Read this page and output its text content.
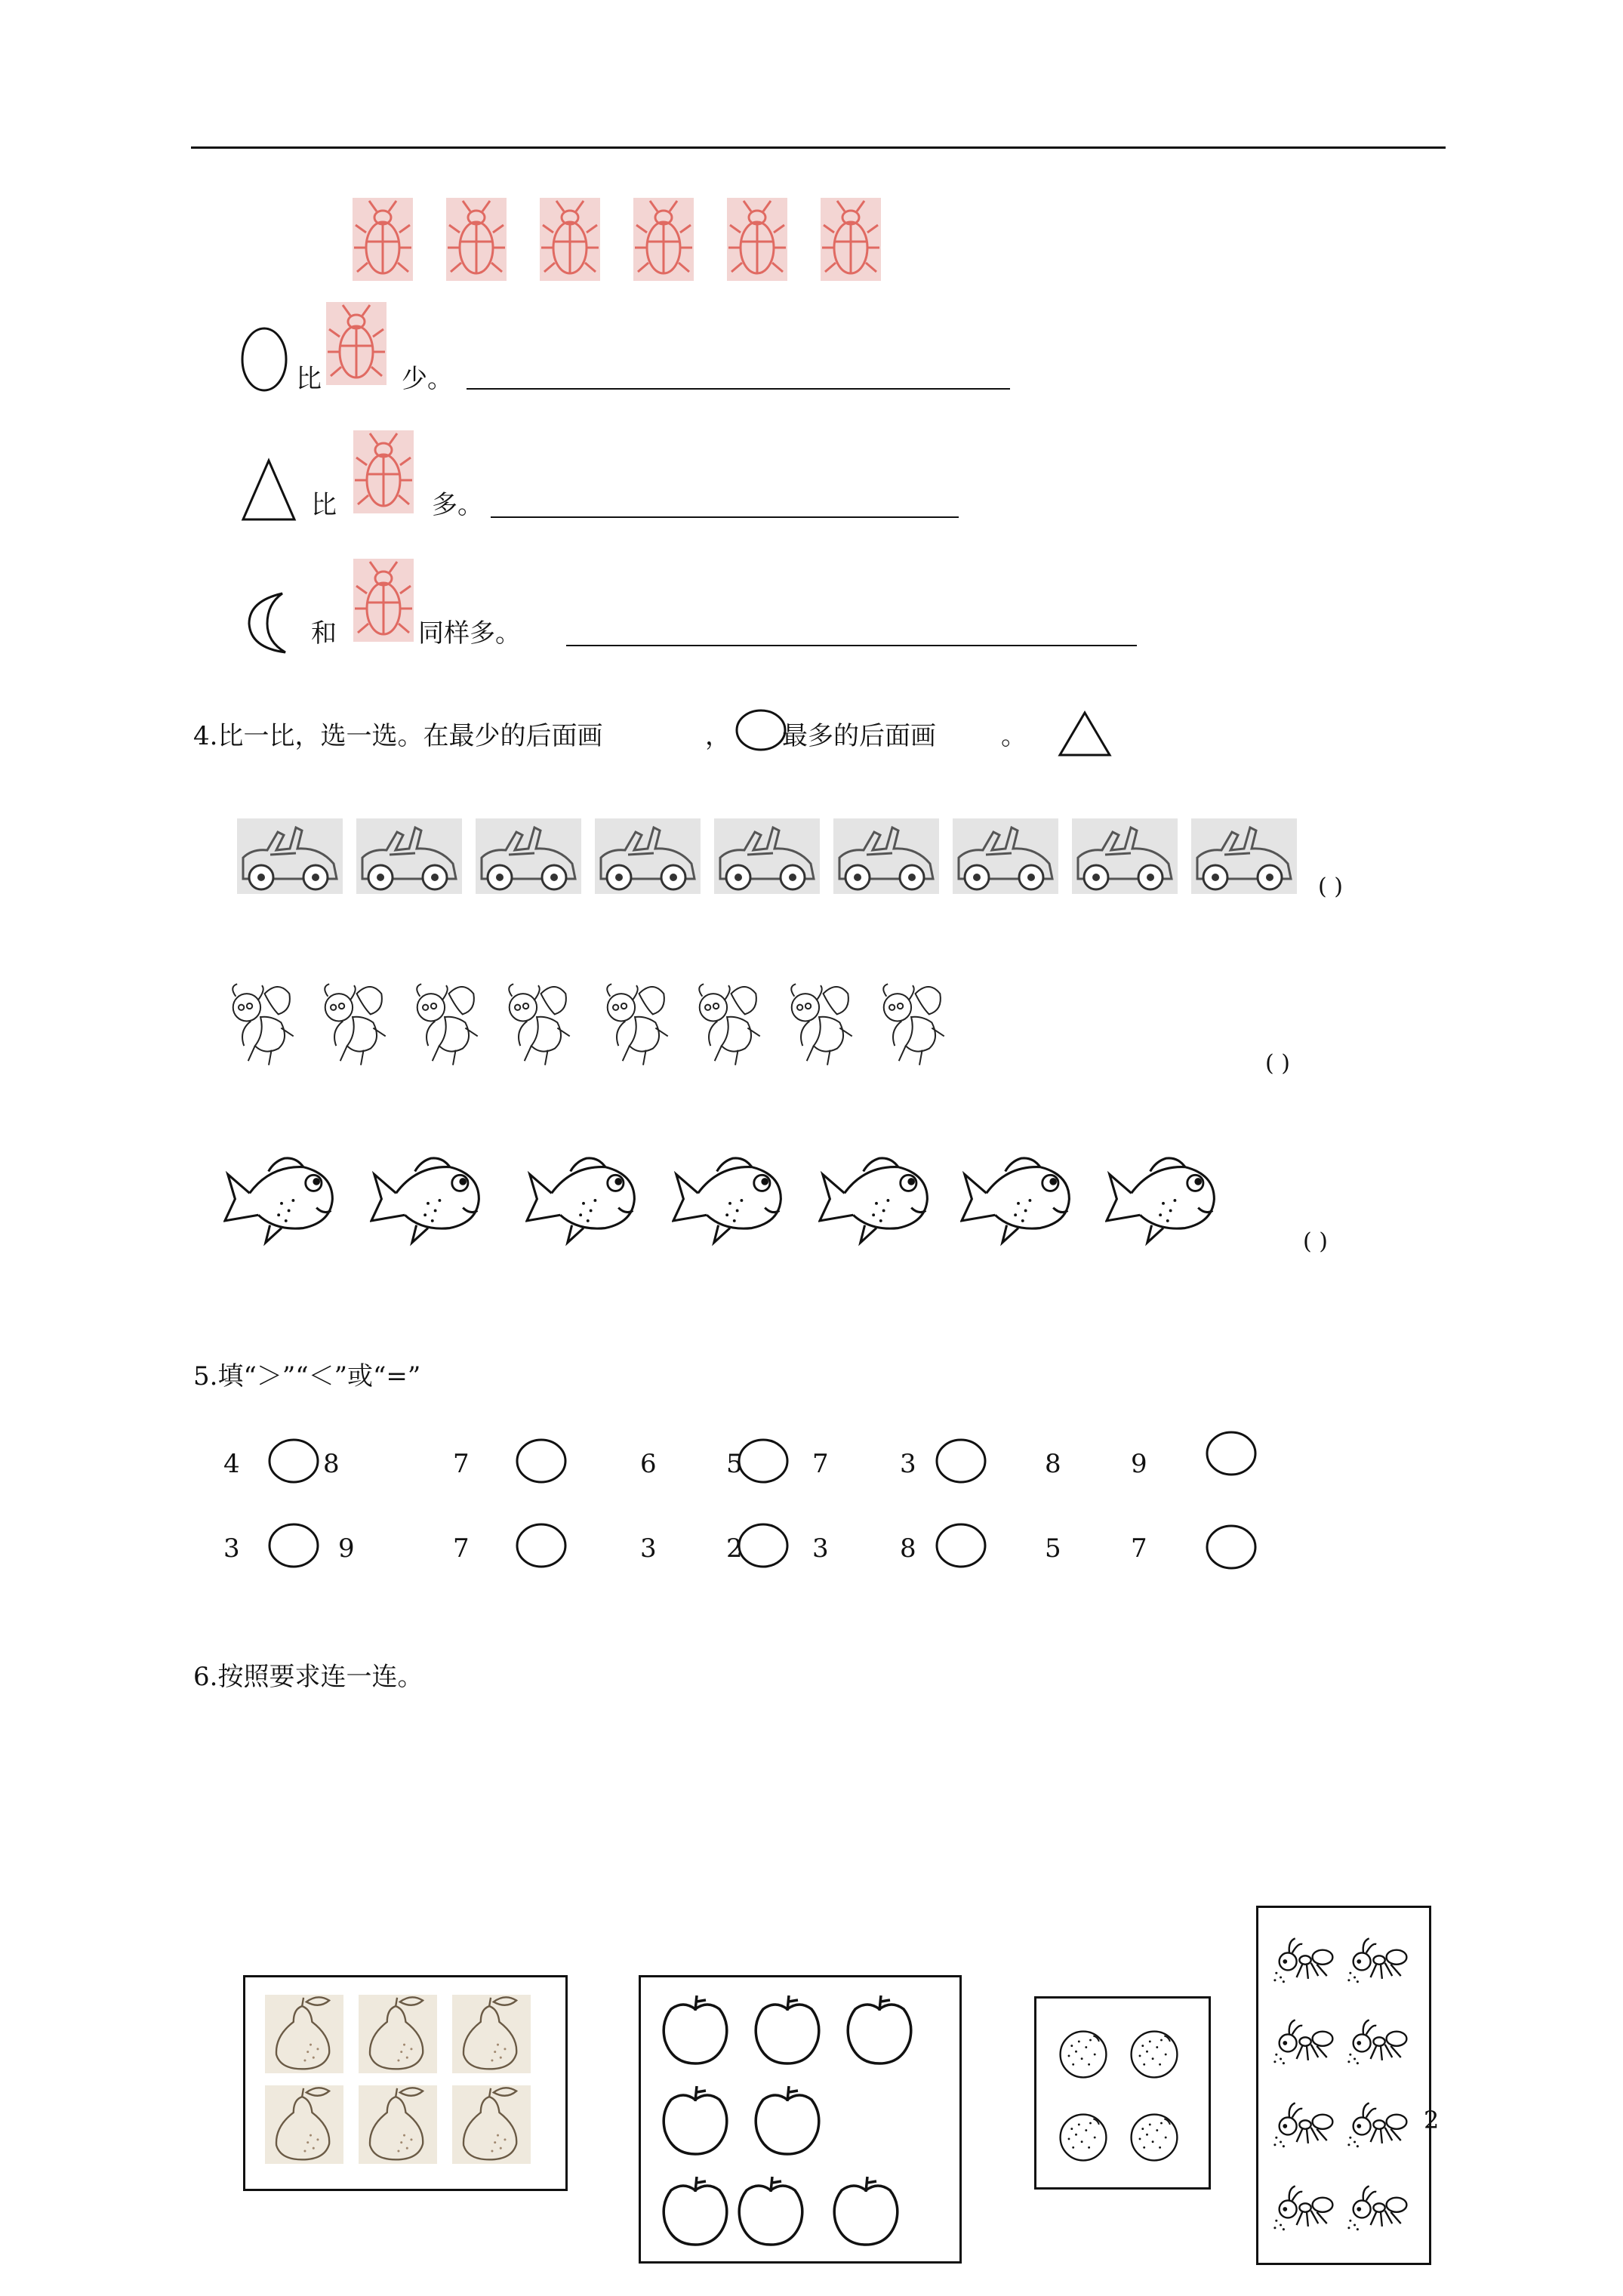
比	少。
比	多。
和	同样多。
4.比一比，选一选。在最少的后面画	， 最多的后面画	。
( )
( )
( )
5.填“＞”“＜”或“=”
4	8	7	6	5	7	3	8	9
3	9	7	3	2	3	8	5	7
6.按照要求连一连。
2
